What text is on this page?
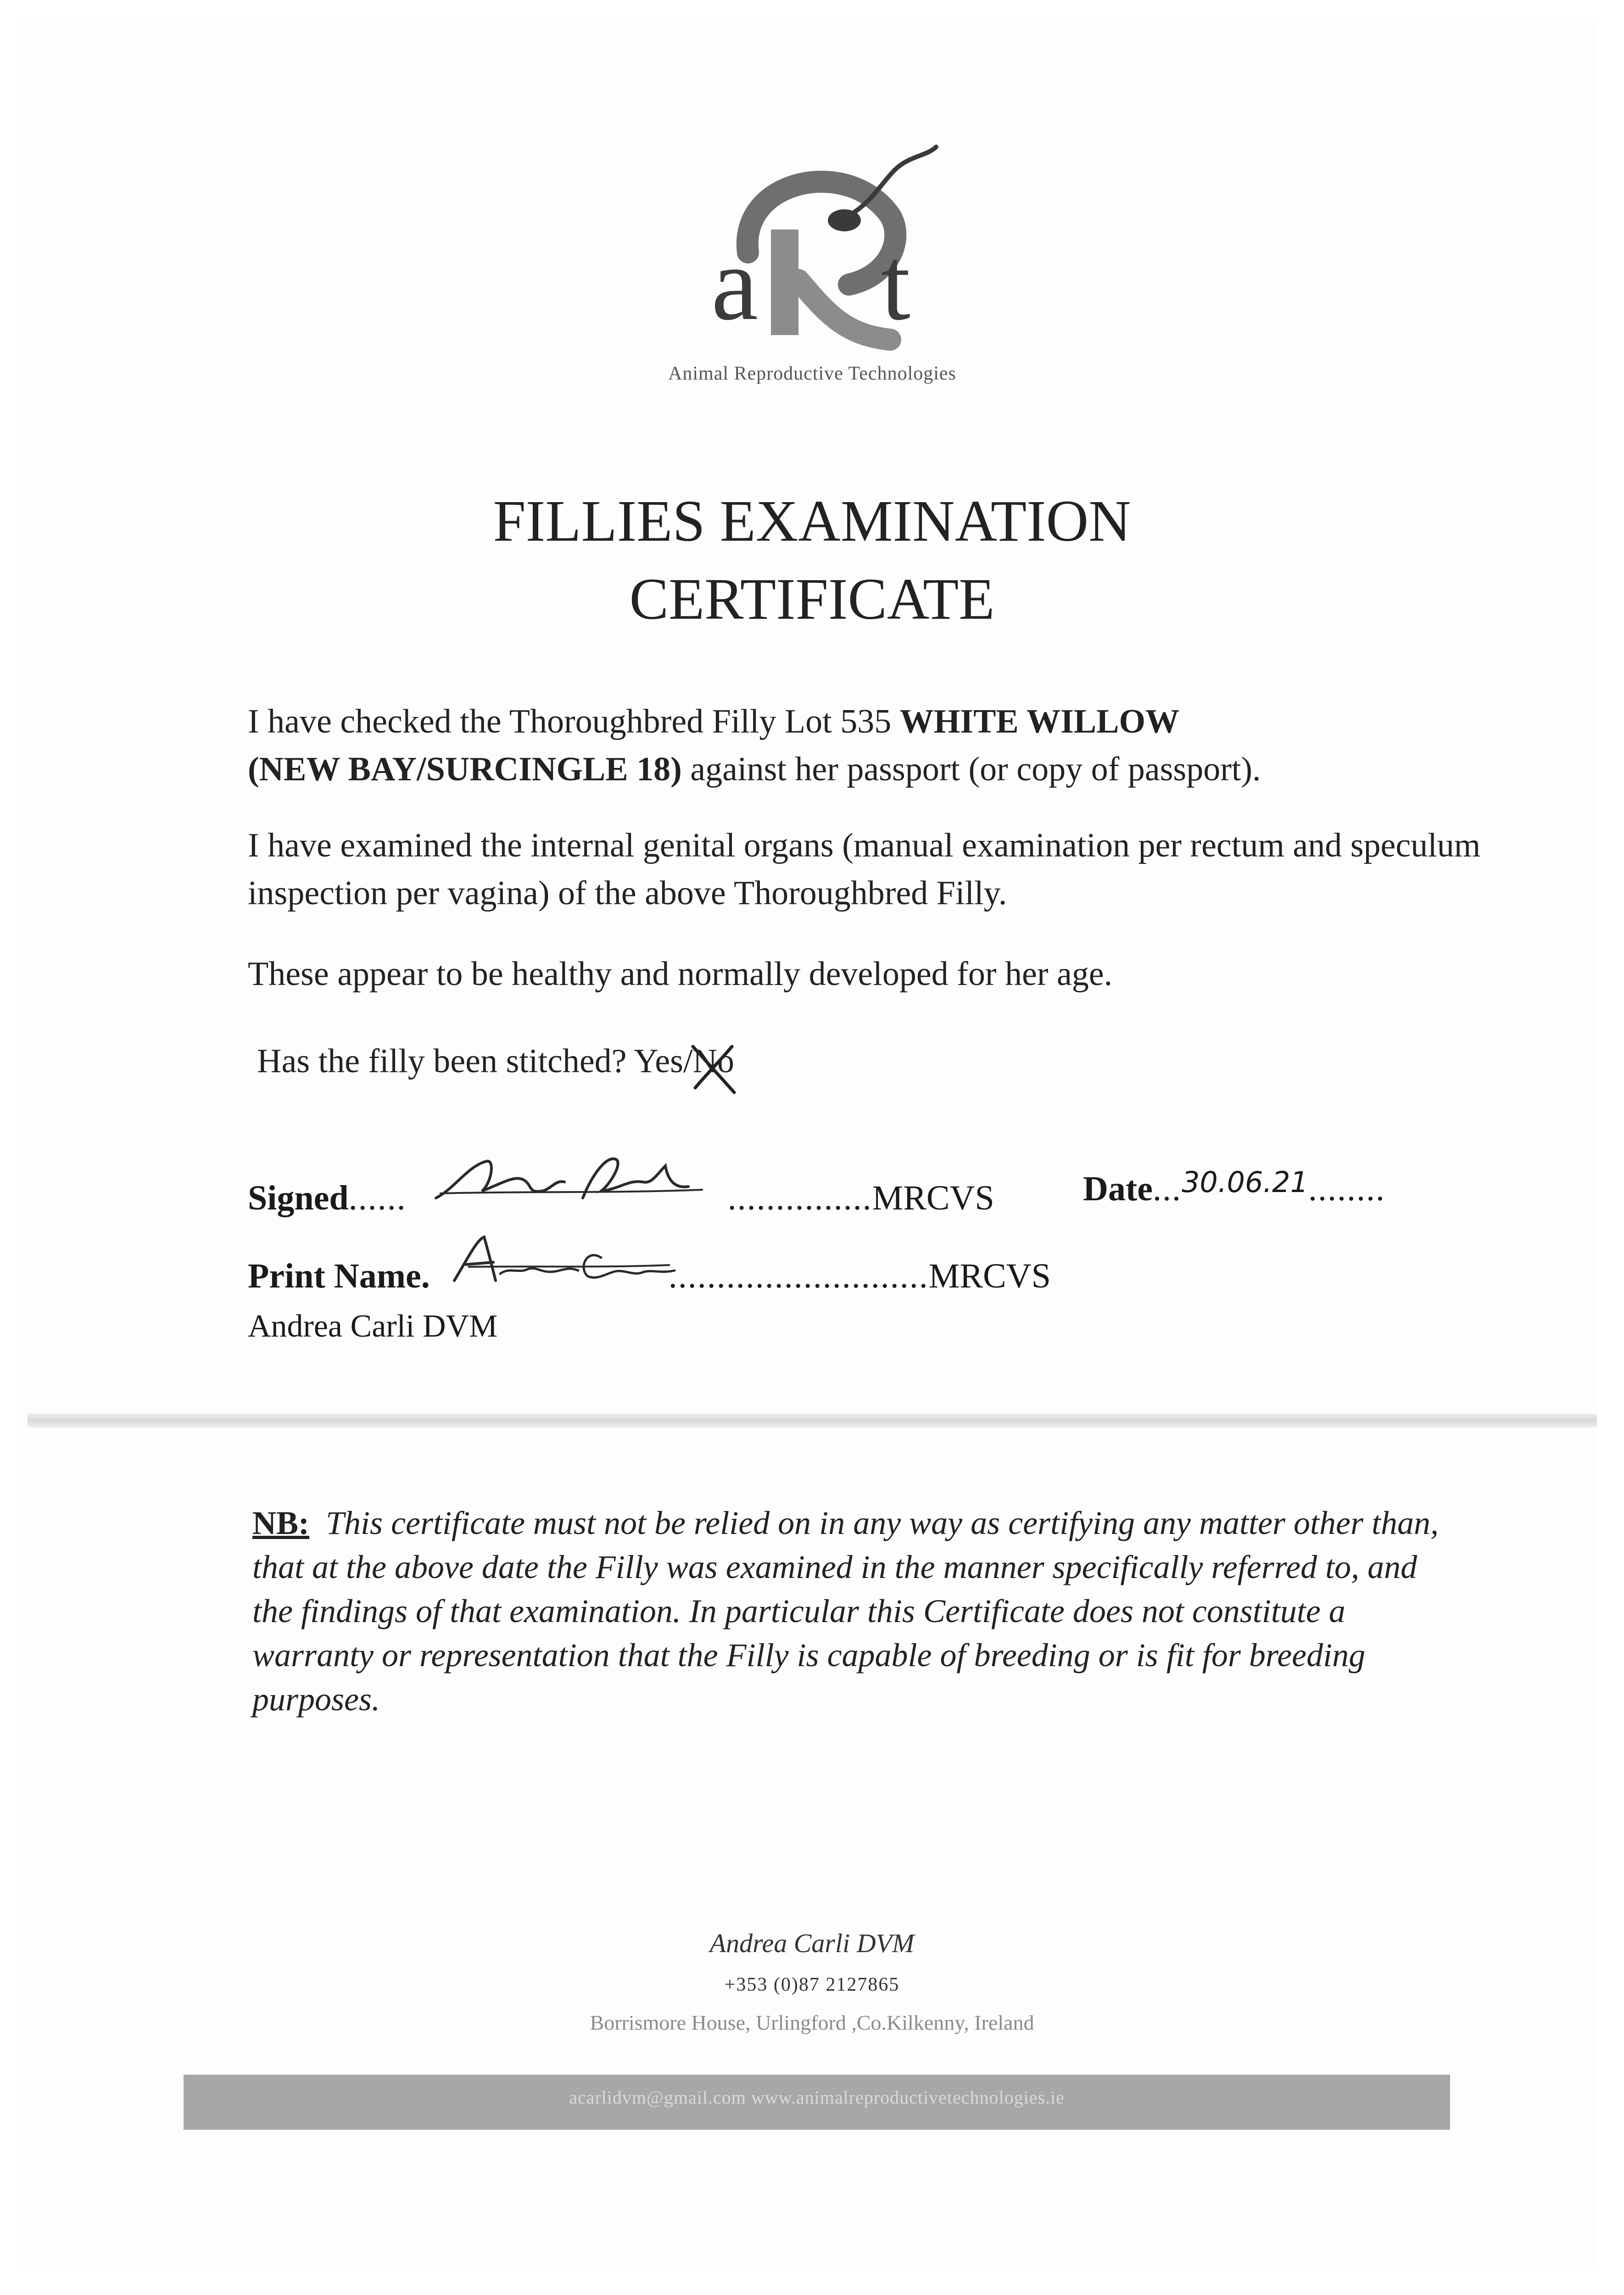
a t
Animal Reproductive Technologies
FILLIES EXAMINATION
CERTIFICATE
I have checked the Thoroughbred Filly Lot 535 WHITE WILLOW
(NEW BAY/SURCINGLE 18) against her passport (or copy of passport).
I have examined the internal genital organs (manual examination per rectum and speculum inspection per vagina) of the above Thoroughbred Filly.
These appear to be healthy and normally developed for her age.
Has the filly been stitched? Yes/No
Signed......	...............MRCVS	Date...$^{30.06.21}$........
Print Name.	...........................MRCVS
Andrea Carli DVM
NB: This certificate must not be relied on in any way as certifying any matter other than, that at the above date the Filly was examined in the manner specifically referred to, and the findings of that examination. In particular this Certificate does not constitute a warranty or representation that the Filly is capable of breeding or is fit for breeding purposes.
Andrea Carli DVM
+353 (0)87 2127865
Borrismore House, Urlingford ,Co.Kilkenny, Ireland
acarlidvm@gmail.com www.animalreproductivetechnologies.ie
